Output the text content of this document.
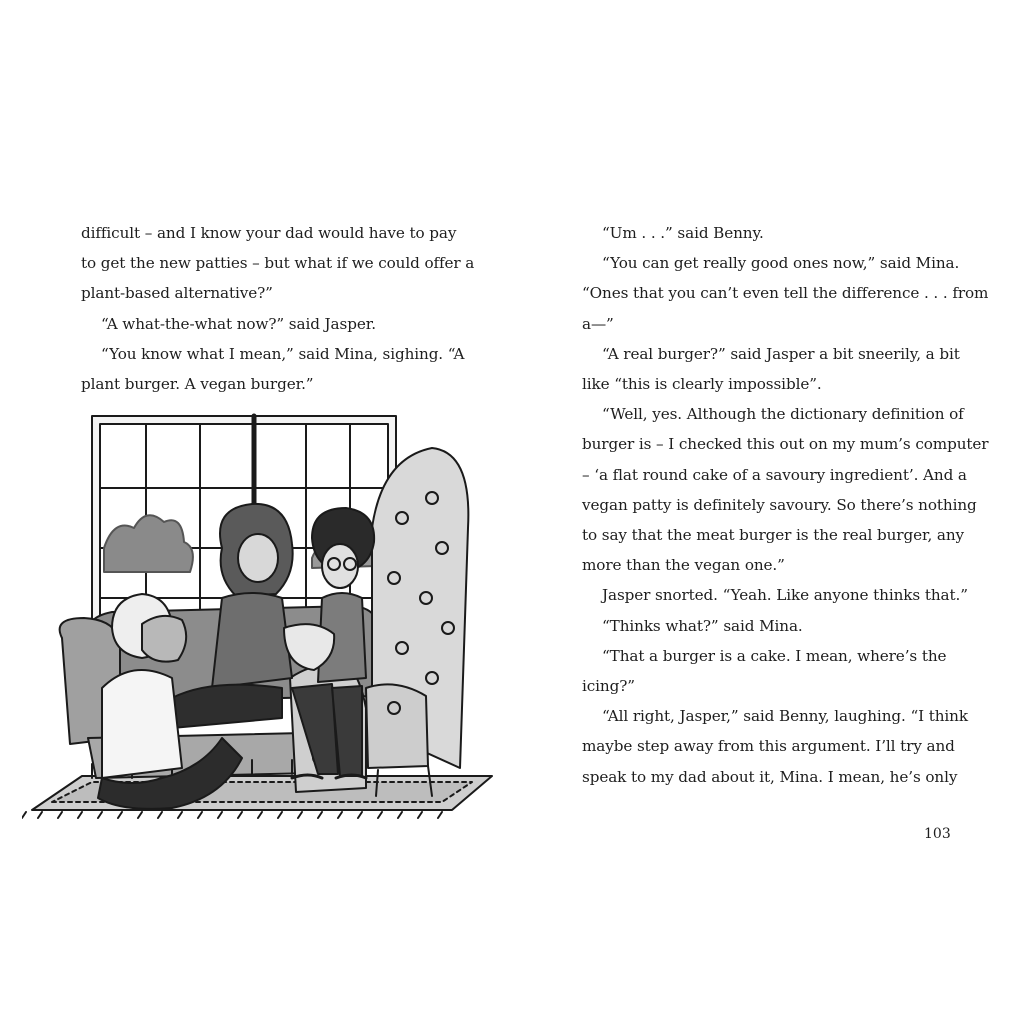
difficult – and I know your dad would have to pay
to get the new patties – but what if we could offer a
plant-based alternative?”
“A what-the-what now?” said Jasper.
“You know what I mean,” said Mina, sighing. “A
plant burger. A vegan burger.”
“Um . . .” said Benny.
“You can get really good ones now,” said Mina.
“Ones that you can’t even tell the difference . . . from
a—”
“A real burger?” said Jasper a bit sneerily, a bit
like “this is clearly impossible”.
“Well, yes. Although the dictionary definition of
burger is – I checked this out on my mum’s computer
– ‘a flat round cake of a savoury ingredient’. And a
vegan patty is definitely savoury. So there’s nothing
to say that the meat burger is the real burger, any
more than the vegan one.”
Jasper snorted. “Yeah. Like anyone thinks that.”
“Thinks what?” said Mina.
“That a burger is a cake. I mean, where’s the
icing?”
“All right, Jasper,” said Benny, laughing. “I think
maybe step away from this argument. I’ll try and
speak to my dad about it, Mina. I mean, he’s only
103
